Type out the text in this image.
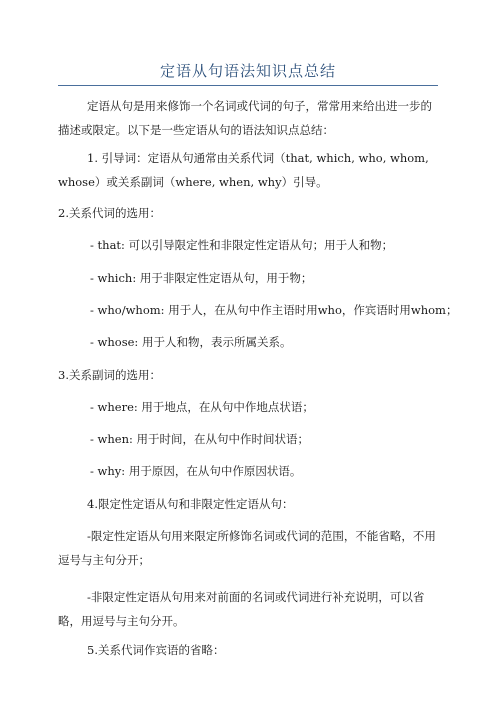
定语从句语法知识点总结
定语从句是用来修饰一个名词或代词的句子，常常用来给出进一步的描述或限定。以下是一些定语从句的语法知识点总结：
1. 引导词：定语从句通常由关系代词（that, which, who, whom, whose）或关系副词（where, when, why）引导。
2.关系代词的选用：
- that: 可以引导限定性和非限定性定语从句；用于人和物；
- which: 用于非限定性定语从句，用于物；
- who/whom: 用于人，在从句中作主语时用who，作宾语时用whom；
- whose: 用于人和物，表示所属关系。
3.关系副词的选用：
- where: 用于地点，在从句中作地点状语；
- when: 用于时间，在从句中作时间状语；
- why: 用于原因，在从句中作原因状语。
4.限定性定语从句和非限定性定语从句：
-限定性定语从句用来限定所修饰名词或代词的范围，不能省略，不用逗号与主句分开；
-非限定性定语从句用来对前面的名词或代词进行补充说明，可以省略，用逗号与主句分开。
5.关系代词作宾语的省略：
